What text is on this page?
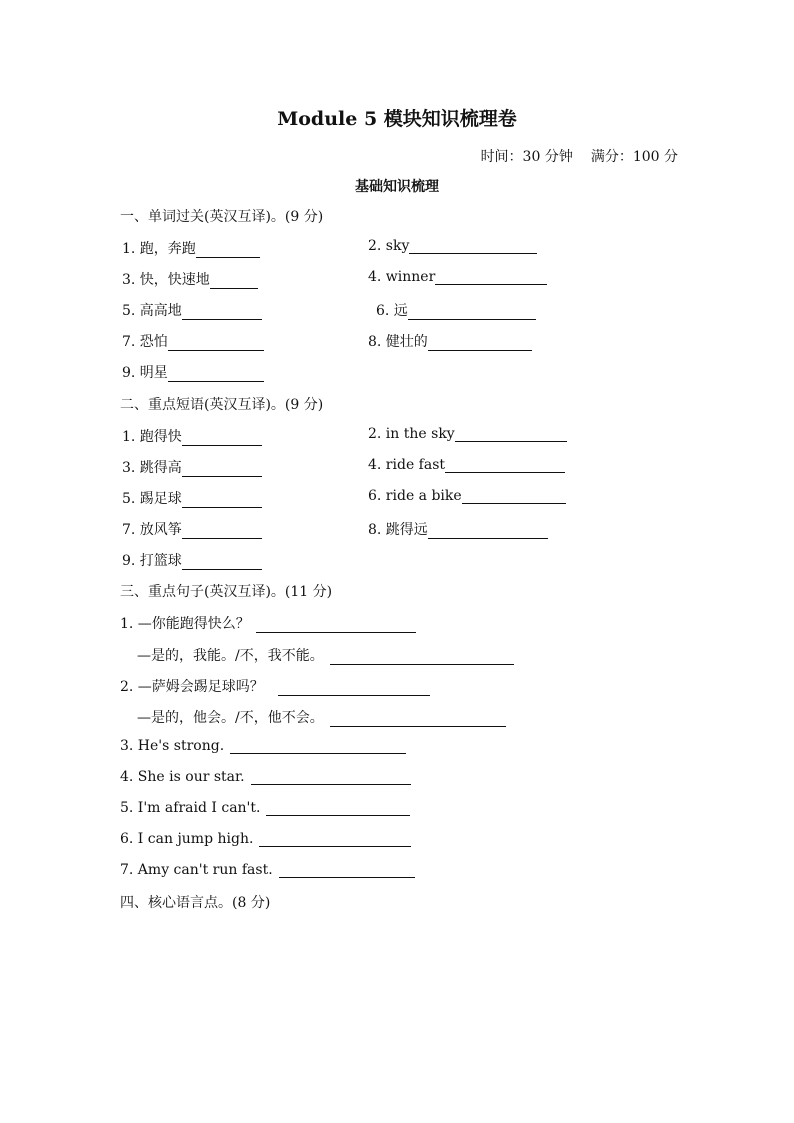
Module 5 模块知识梳理卷
时间：30 分钟 满分：100 分
基础知识梳理
一、单词过关(英汉互译)。(9 分)
1. 跑，奔跑	2. sky
3. 快，快速地	4. winner
5. 高高地	6. 远
7. 恐怕	8. 健壮的
9. 明星
二、重点短语(英汉互译)。(9 分)
1. 跑得快	2. in the sky
3. 跳得高	4. ride fast
5. 踢足球	6. ride a bike
7. 放风筝	8. 跳得远
9. 打篮球
三、重点句子(英汉互译)。(11 分)
1. —你能跑得快么？
—是的，我能。/不，我不能。
2. —萨姆会踢足球吗？
—是的，他会。/不，他不会。
3. He's strong.
4. She is our star.
5. I'm afraid I can't.
6. I can jump high.
7. Amy can't run fast.
四、核心语言点。(8 分)
